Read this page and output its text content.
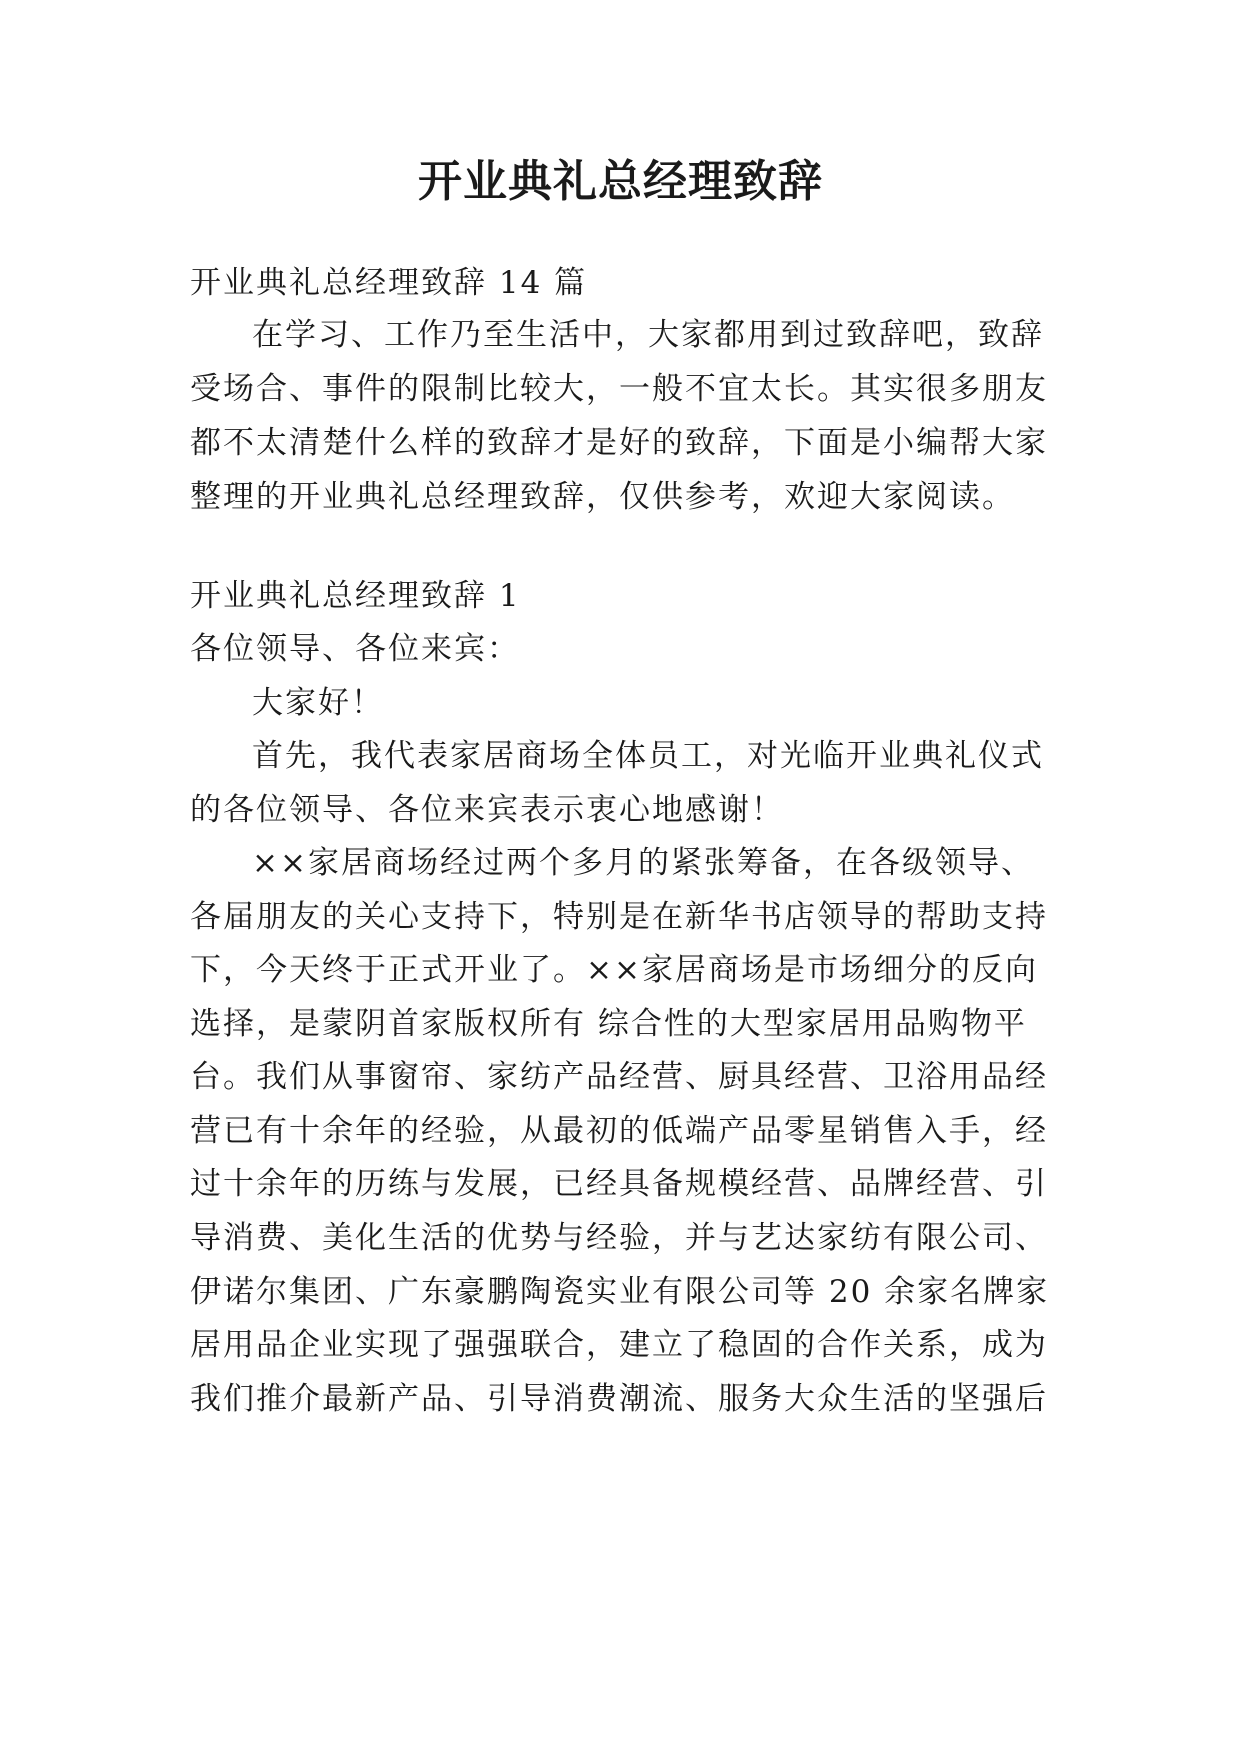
开业典礼总经理致辞
开业典礼总经理致辞 14 篇
在学习、工作乃至生活中，大家都用到过致辞吧，致辞
受场合、事件的限制比较大，一般不宜太长。其实很多朋友
都不太清楚什么样的致辞才是好的致辞，下面是小编帮大家
整理的开业典礼总经理致辞，仅供参考，欢迎大家阅读。
开业典礼总经理致辞 1
各位领导、各位来宾：
大家好！
首先，我代表家居商场全体员工，对光临开业典礼仪式
的各位领导、各位来宾表示衷心地感谢！
××家居商场经过两个多月的紧张筹备，在各级领导、
各届朋友的关心支持下，特别是在新华书店领导的帮助支持
下，今天终于正式开业了。××家居商场是市场细分的反向
选择，是蒙阴首家版权所有 综合性的大型家居用品购物平
台。我们从事窗帘、家纺产品经营、厨具经营、卫浴用品经
营已有十余年的经验，从最初的低端产品零星销售入手，经
过十余年的历练与发展，已经具备规模经营、品牌经营、引
导消费、美化生活的优势与经验，并与艺达家纺有限公司、
伊诺尔集团、广东豪鹏陶瓷实业有限公司等 20 余家名牌家
居用品企业实现了强强联合，建立了稳固的合作关系，成为
我们推介最新产品、引导消费潮流、服务大众生活的坚强后
